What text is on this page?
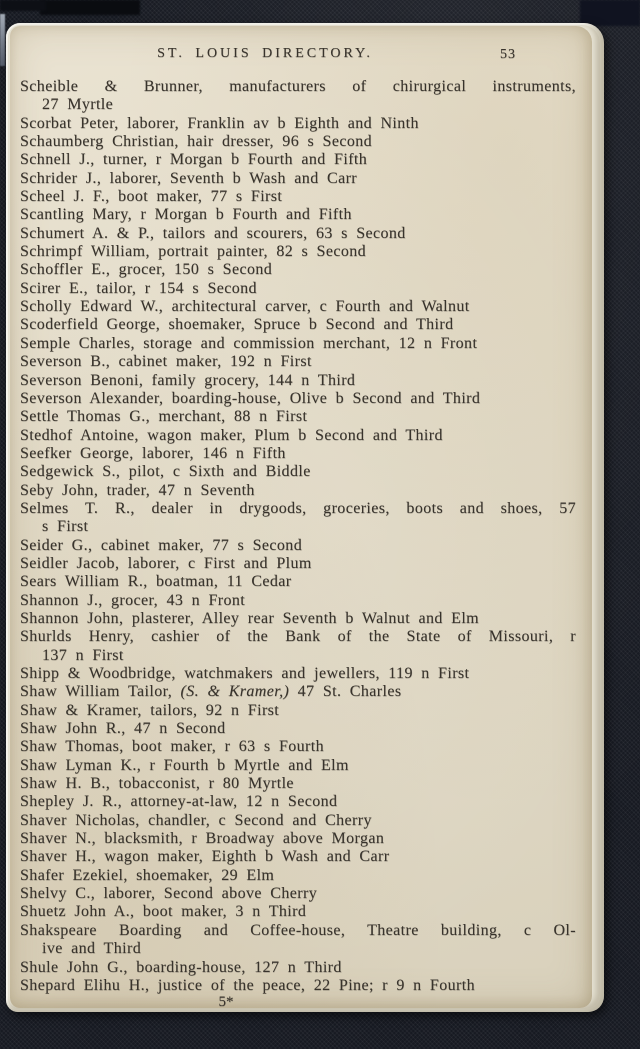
ST. LOUIS DIRECTORY.	53
Scheible & Brunner, manufacturers of chirurgical instruments,
27 Myrtle
Scorbat Peter, laborer, Franklin av b Eighth and Ninth
Schaumberg Christian, hair dresser, 96 s Second
Schnell J., turner, r Morgan b Fourth and Fifth
Schrider J., laborer, Seventh b Wash and Carr
Scheel J. F., boot maker, 77 s First
Scantling Mary, r Morgan b Fourth and Fifth
Schumert A. & P., tailors and scourers, 63 s Second
Schrimpf William, portrait painter, 82 s Second
Schoffler E., grocer, 150 s Second
Scirer E., tailor, r 154 s Second
Scholly Edward W., architectural carver, c Fourth and Walnut
Scoderfield George, shoemaker, Spruce b Second and Third
Semple Charles, storage and commission merchant, 12 n Front
Severson B., cabinet maker, 192 n First
Severson Benoni, family grocery, 144 n Third
Severson Alexander, boarding-house, Olive b Second and Third
Settle Thomas G., merchant, 88 n First
Stedhof Antoine, wagon maker, Plum b Second and Third
Seefker George, laborer, 146 n Fifth
Sedgewick S., pilot, c Sixth and Biddle
Seby John, trader, 47 n Seventh
Selmes T. R., dealer in drygoods, groceries, boots and shoes, 57
s First
Seider G., cabinet maker, 77 s Second
Seidler Jacob, laborer, c First and Plum
Sears William R., boatman, 11 Cedar
Shannon J., grocer, 43 n Front
Shannon John, plasterer, Alley rear Seventh b Walnut and Elm
Shurlds Henry, cashier of the Bank of the State of Missouri, r
137 n First
Shipp & Woodbridge, watchmakers and jewellers, 119 n First
Shaw William Tailor, (S. & Kramer,) 47 St. Charles
Shaw & Kramer, tailors, 92 n First
Shaw John R., 47 n Second
Shaw Thomas, boot maker, r 63 s Fourth
Shaw Lyman K., r Fourth b Myrtle and Elm
Shaw H. B., tobacconist, r 80 Myrtle
Shepley J. R., attorney-at-law, 12 n Second
Shaver Nicholas, chandler, c Second and Cherry
Shaver N., blacksmith, r Broadway above Morgan
Shaver H., wagon maker, Eighth b Wash and Carr
Shafer Ezekiel, shoemaker, 29 Elm
Shelvy C., laborer, Second above Cherry
Shuetz John A., boot maker, 3 n Third
Shakspeare Boarding and Coffee-house, Theatre building, c Ol-
ive and Third
Shule John G., boarding-house, 127 n Third
Shepard Elihu H., justice of the peace, 22 Pine; r 9 n Fourth
5*
